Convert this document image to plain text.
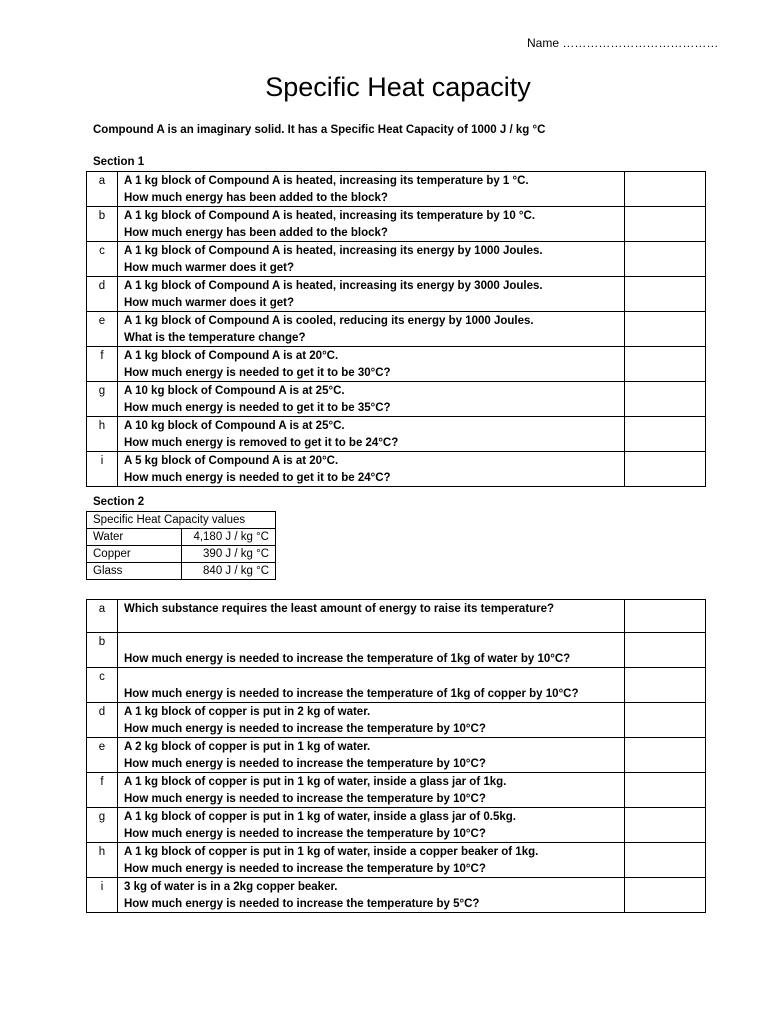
Name …………………………………
Specific Heat capacity
Compound A is an imaginary solid. It has a Specific Heat Capacity of 1000 J / kg °C
Section 1
a	A 1 kg block of Compound A is heated, increasing its temperature by 1 °C.
How much energy has been added to the block?	

b	A 1 kg block of Compound A is heated, increasing its temperature by 10 °C.
How much energy has been added to the block?	

c	A 1 kg block of Compound A is heated, increasing its energy by 1000 Joules.
How much warmer does it get?	

d	A 1 kg block of Compound A is heated, increasing its energy by 3000 Joules.
How much warmer does it get?	

e	A 1 kg block of Compound A is cooled, reducing its energy by 1000 Joules.
What is the temperature change?	

f	A 1 kg block of Compound A is at 20°C.
How much energy is needed to get it to be 30°C?	

g	A 10 kg block of Compound A is at 25°C.
How much energy is needed to get it to be 35°C?	

h	A 10 kg block of Compound A is at 25°C.
How much energy is removed to get it to be 24°C?	

i	A 5 kg block of Compound A is at 20°C.
How much energy is needed to get it to be 24°C?	

Section 2
Specific Heat Capacity values	
Water	4,180 J / kg °C
Copper	390 J / kg °C
Glass	840 J / kg °C
a	Which substance requires the least amount of energy to raise its temperature?	

b	How much energy is needed to increase the temperature of 1kg of water by 10°C?	

c	How much energy is needed to increase the temperature of 1kg of copper by 10°C?	

d	A 1 kg block of copper is put in 2 kg of water.
How much energy is needed to increase the temperature by 10°C?	

e	A 2 kg block of copper is put in 1 kg of water.
How much energy is needed to increase the temperature by 10°C?	

f	A 1 kg block of copper is put in 1 kg of water, inside a glass jar of 1kg.
How much energy is needed to increase the temperature by 10°C?	

g	A 1 kg block of copper is put in 1 kg of water, inside a glass jar of 0.5kg.
How much energy is needed to increase the temperature by 10°C?	

h	A 1 kg block of copper is put in 1 kg of water, inside a copper beaker of 1kg.
How much energy is needed to increase the temperature by 10°C?	

i	3 kg of water is in a 2kg copper beaker.
How much energy is needed to increase the temperature by 5°C?	
